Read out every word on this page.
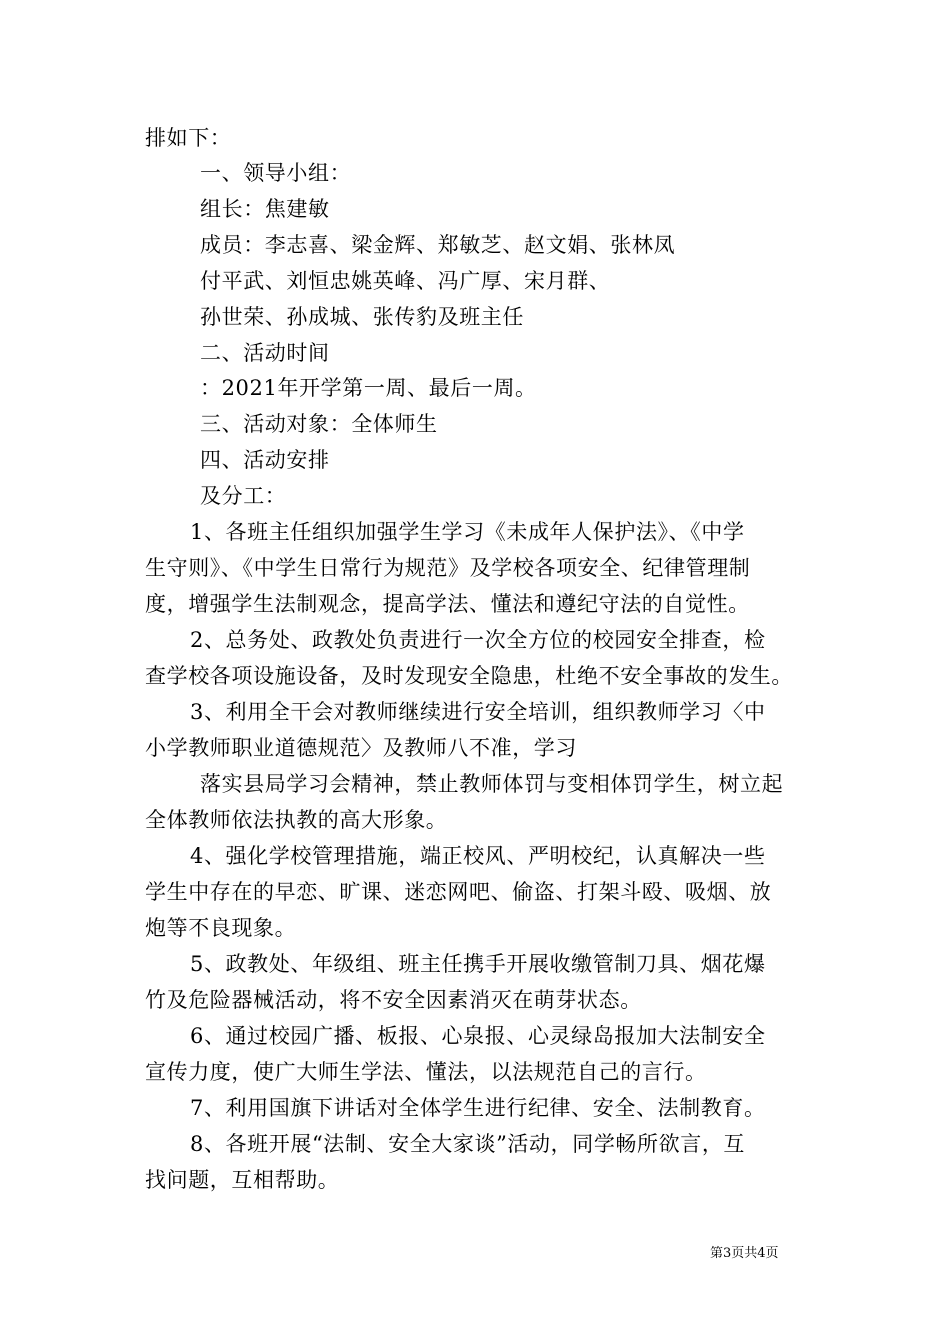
排如下：
一、领导小组：
组长：焦建敏
成员：李志喜、梁金辉、郑敏芝、赵文娟、张林凤
付平武、刘恒忠姚英峰、冯广厚、宋月群、
孙世荣、孙成城、张传豹及班主任
二、活动时间
：2021年开学第一周、最后一周。
三、活动对象：全体师生
四、活动安排
及分工：
1、各班主任组织加强学生学习《未成年人保护法》、《中学
生守则》、《中学生日常行为规范》及学校各项安全、纪律管理制
度，增强学生法制观念，提高学法、懂法和遵纪守法的自觉性。
2、总务处、政教处负责进行一次全方位的校园安全排查，检
查学校各项设施设备，及时发现安全隐患，杜绝不安全事故的发生。
3、利用全干会对教师继续进行安全培训，组织教师学习〈中
小学教师职业道德规范〉及教师八不准，学习
落实县局学习会精神，禁止教师体罚与变相体罚学生，树立起
全体教师依法执教的高大形象。
4、强化学校管理措施，端正校风、严明校纪，认真解决一些
学生中存在的早恋、旷课、迷恋网吧、偷盗、打架斗殴、吸烟、放
炮等不良现象。
5、政教处、年级组、班主任携手开展收缴管制刀具、烟花爆
竹及危险器械活动，将不安全因素消灭在萌芽状态。
6、通过校园广播、板报、心泉报、心灵绿岛报加大法制安全
宣传力度，使广大师生学法、懂法，以法规范自己的言行。
7、利用国旗下讲话对全体学生进行纪律、安全、法制教育。
8、各班开展“法制、安全大家谈”活动，同学畅所欲言，互
找问题，互相帮助。
第3页共4页
